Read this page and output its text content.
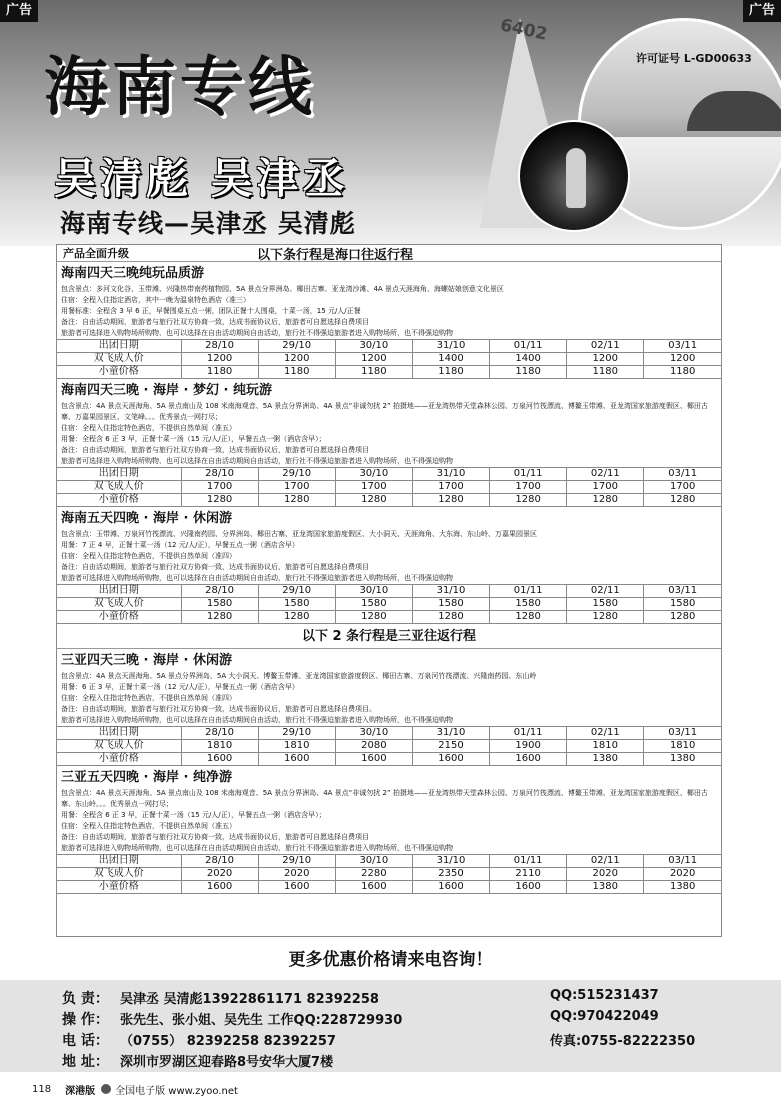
6402
许可证号 L-GD00633
海南专线
吴清彪 吴津丞
海南专线—吴津丞 吴清彪
广告	广告
产品全面升级	以下条行程是海口往返行程
海南四天三晚纯玩品质游
包含景点：多河文化谷、玉带滩、兴隆热带南药植物园、5A 景点分界洲岛、椰田古寨、亚龙湾沙滩、4A 景点天涯海角、海螺姑娘创意文化景区
住宿：全程入住指定酒店，其中一晚为温泉特色酒店（准三）
用餐标准：全程含 3 早 6 正，早餐围桌五点一粥，团队正餐十人围桌，十菜一汤，15 元/人/正餐
备注：自由活动期间，旅游者与旅行社双方协商一致，达成书面协议后，旅游者可自愿选择自费项目
旅游者可选择进入购物场所购物，也可以选择在自由活动期间自由活动，旅行社不得强迫旅游者进入购物场所，也不得强迫购物
出团日期	28/10	29/10	30/10	31/10	01/11	02/11	03/11
双飞成人价	1200	1200	1200	1400	1400	1200	1200
小童价格	1180	1180	1180	1180	1180	1180	1180
海南四天三晚 · 海岸 · 梦幻 · 纯玩游
包含景点：4A 景点天涯海角、5A 景点南山及 108 米南海观音、5A 景点分界洲岛、4A 景点“非诚勿扰 2” 拍摄地——亚龙湾热带天堂森林公园、万泉河竹筏漂流、博鳌玉带滩、亚龙湾国家旅游度假区、椰田古寨、万嘉果园景区、文笔峰。。。优秀景点一网打尽；
住宿：全程入住指定特色酒店，不提供自然单间（准五）
用餐：全程含 6 正 3 早，正餐十菜一汤（15 元/人/正），早餐五点一粥（酒店含早）；
备注：自由活动期间，旅游者与旅行社双方协商一致，达成书面协议后，旅游者可自愿选择自费项目
旅游者可选择进入购物场所购物，也可以选择在自由活动期间自由活动，旅行社不得强迫旅游者进入购物场所，也不得强迫购物
出团日期	28/10	29/10	30/10	31/10	01/11	02/11	03/11
双飞成人价	1700	1700	1700	1700	1700	1700	1700
小童价格	1280	1280	1280	1280	1280	1280	1280
海南五天四晚 · 海岸 · 休闲游
包含景点：玉带滩、万泉河竹筏漂流、兴隆南药园、分界洲岛、椰田古寨、亚龙湾国家旅游度假区、大小洞天、天涯海角、大东海、东山岭、万嘉果园景区
用餐：7 正 4 早，正餐十菜一汤（12 元/人/正），早餐五点一粥（酒店含早）
住宿：全程入住指定特色酒店，不提供自然单间（准四）
备注：自由活动期间，旅游者与旅行社双方协商一致，达成书面协议后，旅游者可自愿选择自费项目
旅游者可选择进入购物场所购物，也可以选择在自由活动期间自由活动，旅行社不得强迫旅游者进入购物场所，也不得强迫购物
出团日期	28/10	29/10	30/10	31/10	01/11	02/11	03/11
双飞成人价	1580	1580	1580	1580	1580	1580	1580
小童价格	1280	1280	1280	1280	1280	1280	1280
以下 2 条行程是三亚往返行程
三亚四天三晚 · 海岸 · 休闲游
包含景点：4A 景点天涯海角、5A 景点分界洲岛、5A 大小洞天、博鳌玉带滩、亚龙湾国家旅游度假区、椰田古寨、万泉河竹筏漂流、兴隆南药园、东山岭
用餐：6 正 3 早，正餐十菜一汤（12 元/人/正），早餐五点一粥（酒店含早）
住宿：全程入住指定特色酒店，不提供自然单间（准四）
备注：自由活动期间，旅游者与旅行社双方协商一致，达成书面协议后，旅游者可自愿选择自费项目。
旅游者可选择进入购物场所购物，也可以选择在自由活动期间自由活动，旅行社不得强迫旅游者进入购物场所，也不得强迫购物
出团日期	28/10	29/10	30/10	31/10	01/11	02/11	03/11
双飞成人价	1810	1810	2080	2150	1900	1810	1810
小童价格	1600	1600	1600	1600	1600	1380	1380
三亚五天四晚 · 海岸 · 纯净游
包含景点：4A 景点天涯海角、5A 景点南山及 108 米南海观音、5A 景点分界洲岛、4A 景点“非诚勿扰 2” 拍摄地——亚龙湾热带天堂森林公园、万泉河竹筏漂流、博鳌玉带滩、亚龙湾国家旅游度假区、椰田古寨、东山岭。。。优秀景点一网打尽；
用餐：全程含 6 正 3 早，正餐十菜一汤（15 元/人/正），早餐五点一粥（酒店含早）；
住宿：全程入住指定特色酒店，不提供自然单间（准五）
备注：自由活动期间，旅游者与旅行社双方协商一致，达成书面协议后，旅游者可自愿选择自费项目
旅游者可选择进入购物场所购物，也可以选择在自由活动期间自由活动，旅行社不得强迫旅游者进入购物场所，也不得强迫购物
出团日期	28/10	29/10	30/10	31/10	01/11	02/11	03/11
双飞成人价	2020	2020	2280	2350	2110	2020	2020
小童价格	1600	1600	1600	1600	1600	1380	1380
更多优惠价格请来电咨询！
负 责： 吴津丞 吴清彪13922861171 82392258
操 作： 张先生、张小姐、吴先生 工作QQ:228729930
电 话： （0755） 82392258 82392257
地 址： 深圳市罗湖区迎春路8号安华大厦7楼
QQ:515231437
QQ:970422049
传真:0755-82222350
118 深港版 全国电子版 www.zyoo.net
